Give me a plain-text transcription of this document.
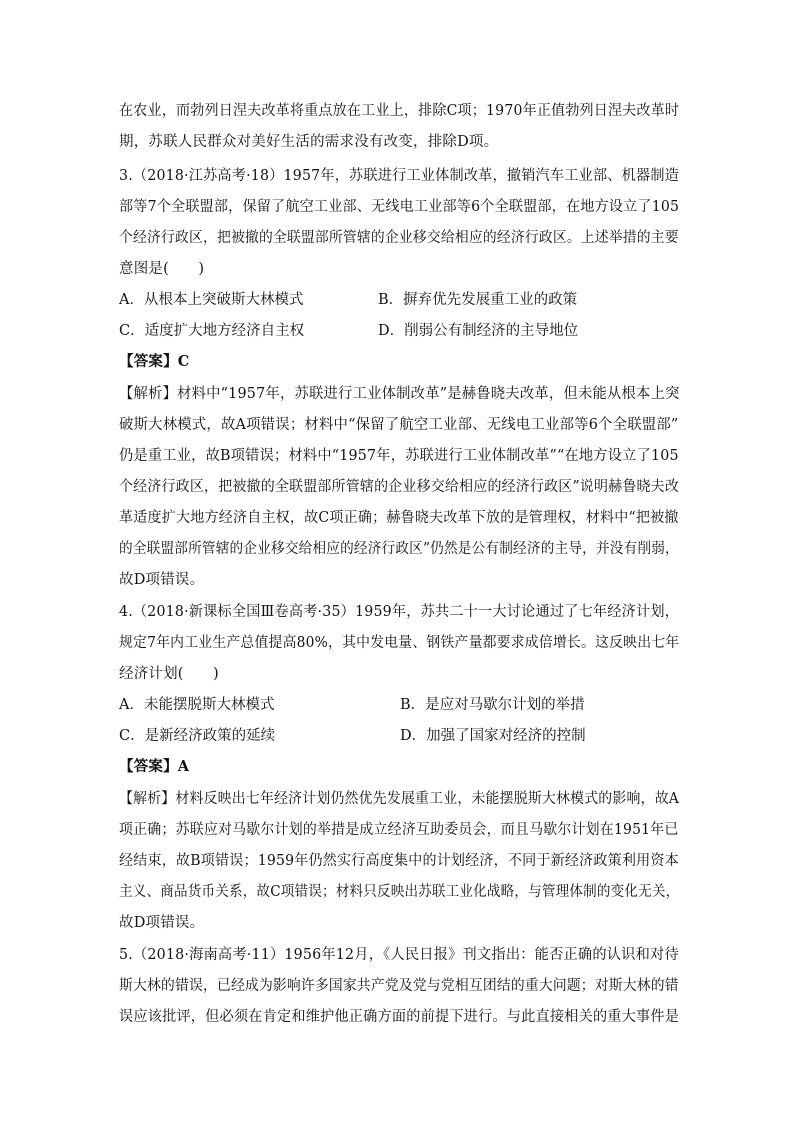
在农业，而勃列日涅夫改革将重点放在工业上，排除C项；1970年正值勃列日涅夫改革时
期，苏联人民群众对美好生活的需求没有改变，排除D项。
3.（2018·江苏高考·18）1957年，苏联进行工业体制改革，撤销汽车工业部、机器制造
部等7个全联盟部，保留了航空工业部、无线电工业部等6个全联盟部，在地方设立了105
个经济行政区，把被撤的全联盟部所管辖的企业移交给相应的经济行政区。上述举措的主要
意图是(　　)
A．从根本上突破斯大林模式	B．摒弃优先发展重工业的政策
C．适度扩大地方经济自主权	D．削弱公有制经济的主导地位
【答案】C
【解析】材料中“1957年，苏联进行工业体制改革”是赫鲁晓夫改革，但未能从根本上突
破斯大林模式，故A项错误；材料中“保留了航空工业部、无线电工业部等6个全联盟部”
仍是重工业，故B项错误；材料中“1957年，苏联进行工业体制改革”“在地方设立了105
个经济行政区，把被撤的全联盟部所管辖的企业移交给相应的经济行政区”说明赫鲁晓夫改
革适度扩大地方经济自主权，故C项正确；赫鲁晓夫改革下放的是管理权，材料中“把被撤
的全联盟部所管辖的企业移交给相应的经济行政区”仍然是公有制经济的主导，并没有削弱，
故D项错误。
4.（2018·新课标全国Ⅲ卷高考·35）1959年，苏共二十一大讨论通过了七年经济计划，
规定7年内工业生产总值提高80%，其中发电量、钢铁产量都要求成倍增长。这反映出七年
经济计划(　　)
A．未能摆脱斯大林模式	B．是应对马歇尔计划的举措
C．是新经济政策的延续	D．加强了国家对经济的控制
【答案】A
【解析】材料反映出七年经济计划仍然优先发展重工业，未能摆脱斯大林模式的影响，故A
项正确；苏联应对马歇尔计划的举措是成立经济互助委员会，而且马歇尔计划在1951年已
经结束，故B项错误；1959年仍然实行高度集中的计划经济，不同于新经济政策利用资本
主义、商品货币关系，故C项错误；材料只反映出苏联工业化战略，与管理体制的变化无关，
故D项错误。
5.（2018·海南高考·11）1956年12月，《人民日报》刊文指出：能否正确的认识和对待
斯大林的错误，已经成为影响许多国家共产党及党与党相互团结的重大问题；对斯大林的错
误应该批评，但必须在肯定和维护他正确方面的前提下进行。与此直接相关的重大事件是
